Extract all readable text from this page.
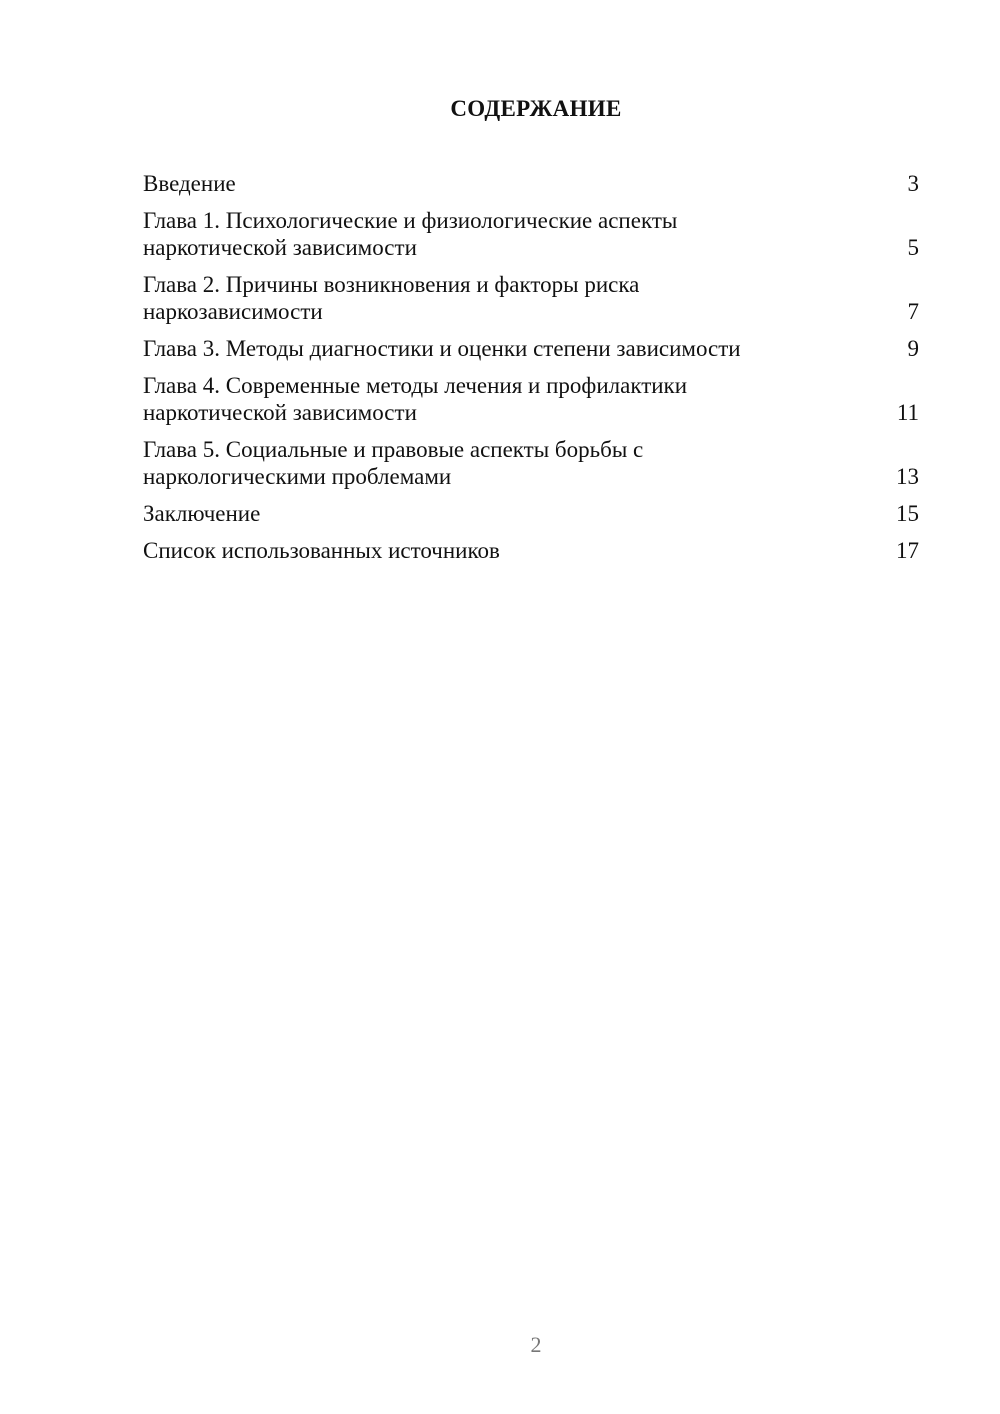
СОДЕРЖАНИЕ
Введение	3
Глава 1. Психологические и физиологические аспекты
наркотической зависимости	5
Глава 2. Причины возникновения и факторы риска
наркозависимости	7
Глава 3. Методы диагностики и оценки степени зависимости	9
Глава 4. Современные методы лечения и профилактики
наркотической зависимости	11
Глава 5. Социальные и правовые аспекты борьбы с
наркологическими проблемами	13
Заключение	15
Список использованных источников	17
2
